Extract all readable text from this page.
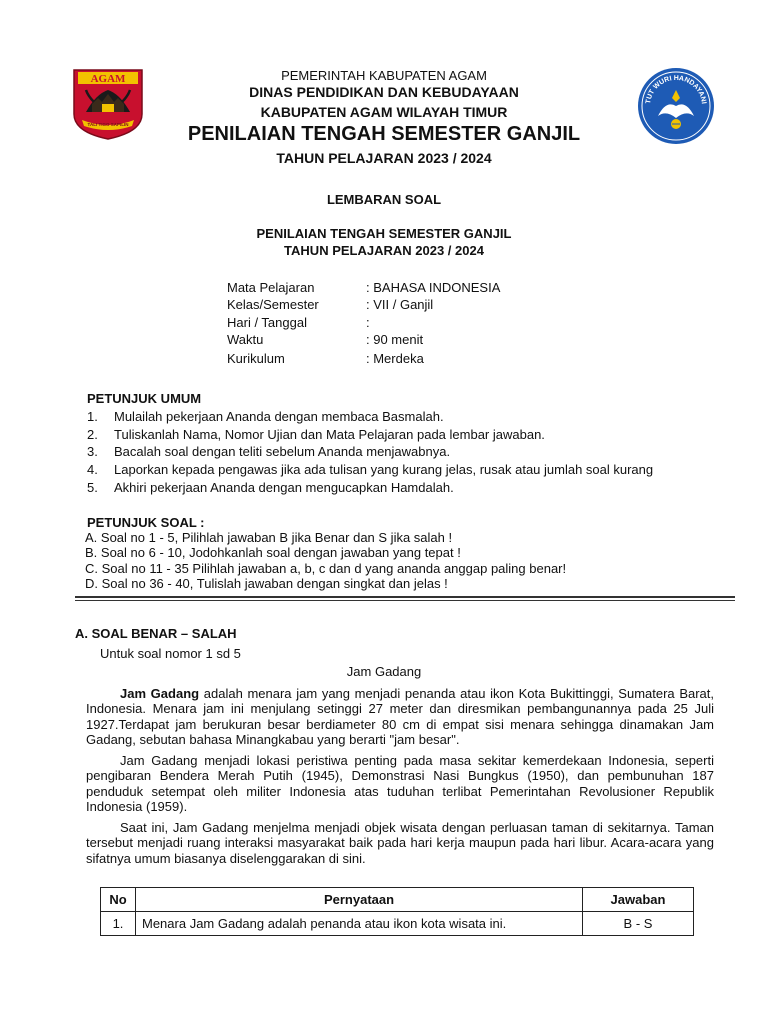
AGAM
TALI TIGO SAPILIN
TUT WURI HANDAYANI
PEMERINTAH KABUPATEN AGAM
DINAS PENDIDIKAN DAN KEBUDAYAAN
KABUPATEN AGAM WILAYAH TIMUR
PENILAIAN TENGAH SEMESTER GANJIL
TAHUN PELAJARAN 2023 / 2024
LEMBARAN SOAL
PENILAIAN TENGAH SEMESTER GANJIL
TAHUN PELAJARAN 2023 / 2024
Mata Pelajaran	: BAHASA INDONESIA
Kelas/Semester	: VII / Ganjil
Hari / Tanggal	:
Waktu	: 90 menit
Kurikulum	: Merdeka
PETUNJUK UMUM
1. Mulailah pekerjaan Ananda dengan membaca Basmalah.
2. Tuliskanlah Nama, Nomor Ujian dan Mata Pelajaran pada lembar jawaban.
3. Bacalah soal dengan teliti sebelum Ananda menjawabnya.
4. Laporkan kepada pengawas jika ada tulisan yang kurang jelas, rusak atau jumlah soal kurang
5. Akhiri pekerjaan Ananda dengan mengucapkan Hamdalah.
PETUNJUK SOAL :
A. Soal no 1 - 5, Pilihlah jawaban B jika Benar dan S jika salah !
B. Soal no 6 - 10, Jodohkanlah soal dengan jawaban yang tepat !
C. Soal no 11 - 35 Pilihlah jawaban a, b, c dan d yang ananda anggap paling benar!
D. Soal no 36 - 40, Tulislah jawaban dengan singkat dan jelas !
A. SOAL BENAR – SALAH
Untuk soal nomor 1 sd 5
Jam Gadang
Jam Gadang adalah menara jam yang menjadi penanda atau ikon Kota Bukittinggi, Sumatera Barat, Indonesia. Menara jam ini menjulang setinggi 27 meter dan diresmikan pembangunannya pada 25 Juli 1927.Terdapat jam berukuran besar berdiameter 80 cm di empat sisi menara sehingga dinamakan Jam Gadang, sebutan bahasa Minangkabau yang berarti "jam besar".
Jam Gadang menjadi lokasi peristiwa penting pada masa sekitar kemerdekaan Indonesia, seperti pengibaran Bendera Merah Putih (1945), Demonstrasi Nasi Bungkus (1950), dan pembunuhan 187 penduduk setempat oleh militer Indonesia atas tuduhan terlibat Pemerintahan Revolusioner Republik Indonesia (1959).
Saat ini, Jam Gadang menjelma menjadi objek wisata dengan perluasan taman di sekitarnya. Taman tersebut menjadi ruang interaksi masyarakat baik pada hari kerja maupun pada hari libur. Acara-acara yang sifatnya umum biasanya diselenggarakan di sini.
No	Pernyataan	Jawaban
1.	Menara Jam Gadang adalah penanda atau ikon kota wisata ini.	B - S
